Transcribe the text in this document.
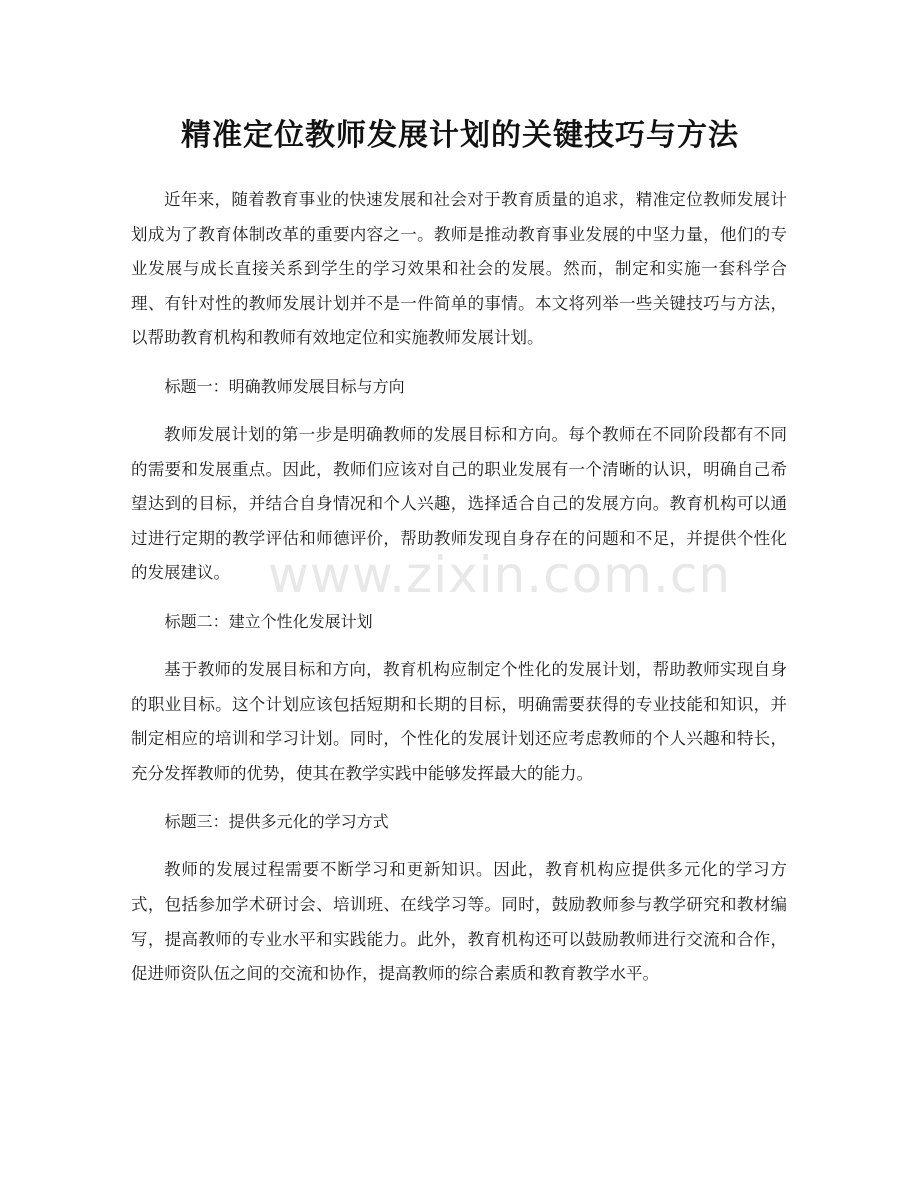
精准定位教师发展计划的关键技巧与方法

近年来，随着教育事业的快速发展和社会对于教育质量的追求，精准定位教师发展计划成为了教育体制改革的重要内容之一。教师是推动教育事业发展的中坚力量，他们的专业发展与成长直接关系到学生的学习效果和社会的发展。然而，制定和实施一套科学合理、有针对性的教师发展计划并不是一件简单的事情。本文将列举一些关键技巧与方法，以帮助教育机构和教师有效地定位和实施教师发展计划。

标题一：明确教师发展目标与方向

教师发展计划的第一步是明确教师的发展目标和方向。每个教师在不同阶段都有不同的需要和发展重点。因此，教师们应该对自己的职业发展有一个清晰的认识，明确自己希望达到的目标，并结合自身情况和个人兴趣，选择适合自己的发展方向。教育机构可以通过进行定期的教学评估和师德评价，帮助教师发现自身存在的问题和不足，并提供个性化的发展建议。

标题二：建立个性化发展计划

基于教师的发展目标和方向，教育机构应制定个性化的发展计划，帮助教师实现自身的职业目标。这个计划应该包括短期和长期的目标，明确需要获得的专业技能和知识，并制定相应的培训和学习计划。同时，个性化的发展计划还应考虑教师的个人兴趣和特长，充分发挥教师的优势，使其在教学实践中能够发挥最大的能力。

标题三：提供多元化的学习方式

教师的发展过程需要不断学习和更新知识。因此，教育机构应提供多元化的学习方式，包括参加学术研讨会、培训班、在线学习等。同时，鼓励教师参与教学研究和教材编写，提高教师的专业水平和实践能力。此外，教育机构还可以鼓励教师进行交流和合作，促进师资队伍之间的交流和协作，提高教师的综合素质和教育教学水平。

www.zixin.com.cn
